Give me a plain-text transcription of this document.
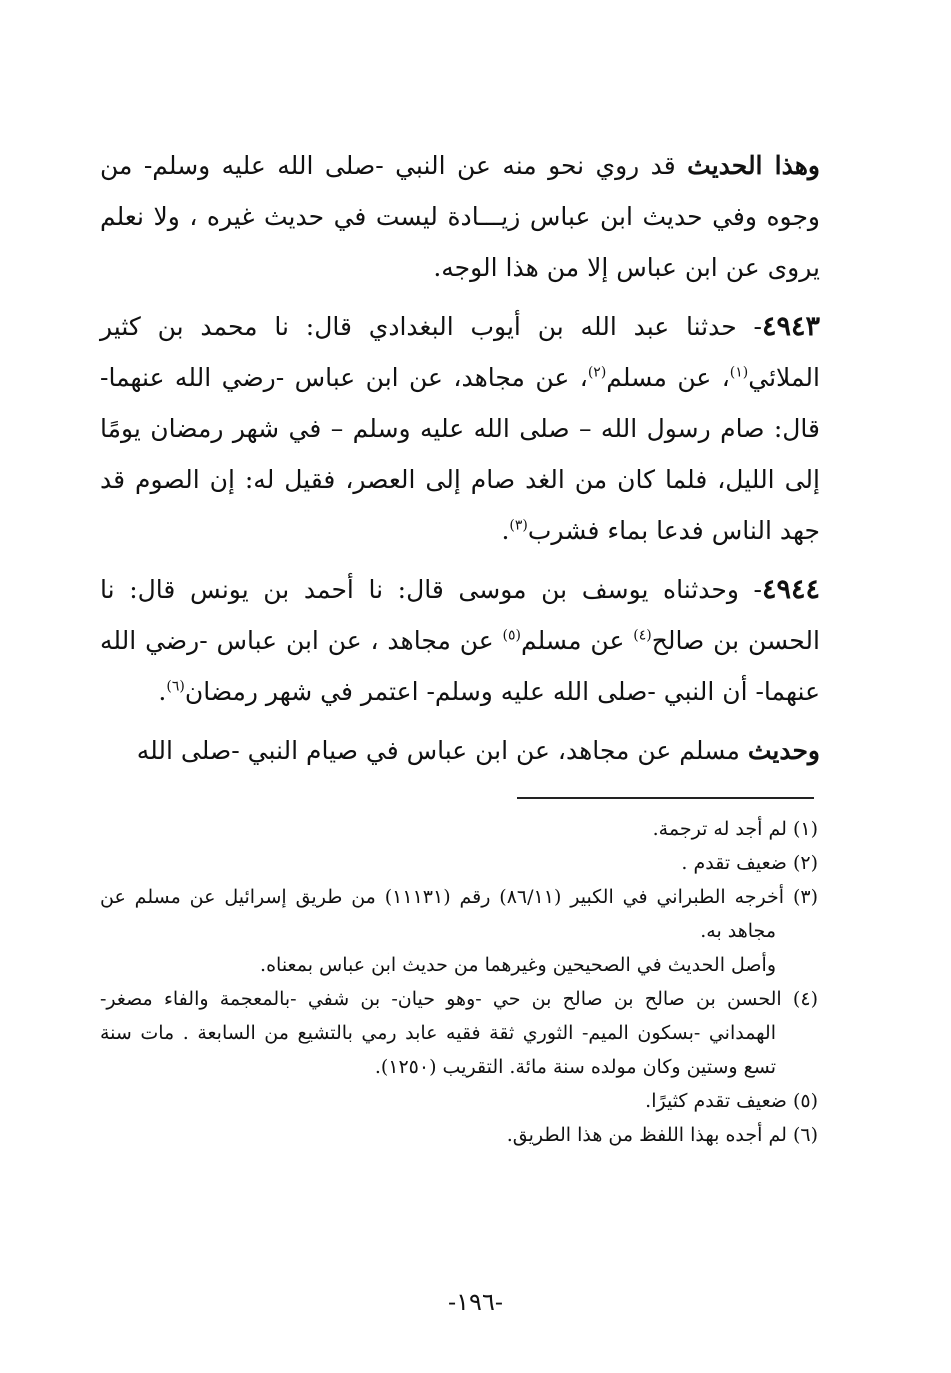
وهذا الحديث قد روي نحو منه عن النبي -صلى الله عليه وسلم- من وجوه وفي حديث ابن عباس زيـــادة ليست في حديث غيره ، ولا نعلم يروى عن ابن عباس إلا من هذا الوجه.

٤٩٤٣- حدثنا عبد الله بن أيوب البغدادي قال: نا محمد بن كثير الملائي$^{(١)}$، عن مسلم$^{(٢)}$، عن مجاهد، عن ابن عباس -رضي الله عنهما- قال: صام رسول الله – صلى الله عليه وسلم – في شهر رمضان يومًا إلى الليل، فلما كان من الغد صام إلى العصر، فقيل له: إن الصوم قد جهد الناس فدعا بماء فشرب$^{(٣)}$.

٤٩٤٤- وحدثناه يوسف بن موسى قال: نا أحمد بن يونس قال: نا الحسن بن صالح$^{(٤)}$ عن مسلم$^{(٥)}$ عن مجاهد ، عن ابن عباس -رضي الله عنهما- أن النبي -صلى الله عليه وسلم- اعتمر في شهر رمضان$^{(٦)}$.

وحديث مسلم عن مجاهد، عن ابن عباس في صيام النبي -صلى الله

(١) لم أجد له ترجمة.

(٢) ضعيف تقدم .

(٣) أخرجه الطبراني في الكبير (٨٦/١١) رقم (١١١٣١) من طريق إسرائيل عن مسلم عن مجاهد به.

وأصل الحديث في الصحيحين وغيرهما من حديث ابن عباس بمعناه.

(٤) الحسن بن صالح بن صالح بن حي -وهو حيان- بن شفي -بالمعجمة والفاء مصغر- الهمداني -بسكون الميم- الثوري ثقة فقيه عابد رمي بالتشيع من السابعة . مات سنة تسع وستين وكان مولده سنة مائة. التقريب (١٢٥٠).

(٥) ضعيف تقدم كثيرًا.

(٦) لم أجده بهذا اللفظ من هذا الطريق.

-١٩٦-
